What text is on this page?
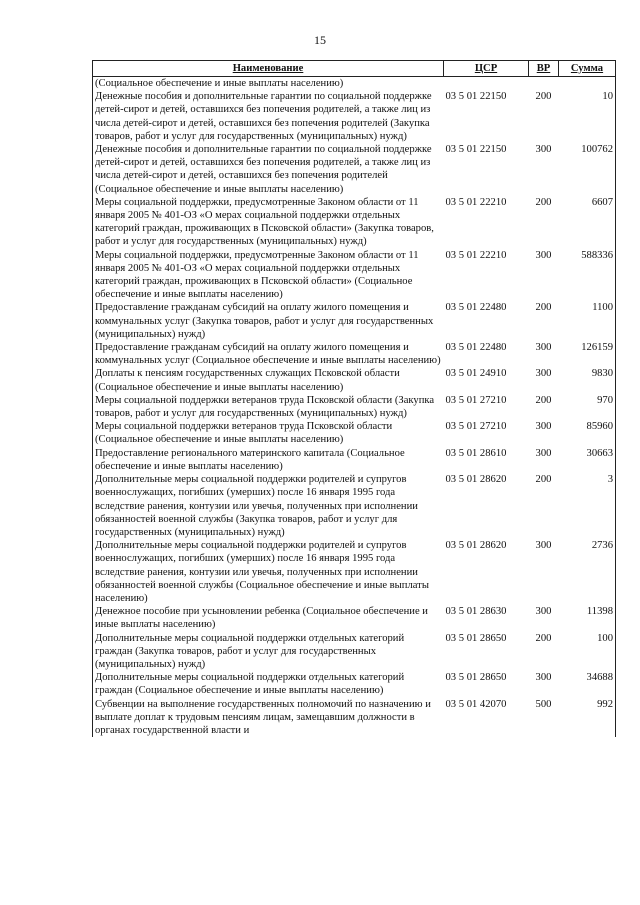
15
Наименование	ЦСР	ВР	Сумма
(Социальное обеспечение и иные выплаты населению)			
Денежные пособия и дополнительные гарантии по социальной поддержке детей-сирот и детей, оставшихся без попечения родителей, а также лиц из числа детей-сирот и детей, оставшихся без попечения родителей (Закупка товаров, работ и услуг для государственных (муниципальных) нужд)	03 5 01 22150	200	10
Денежные пособия и дополнительные гарантии по социальной поддержке детей-сирот и детей, оставшихся без попечения родителей, а также лиц из числа детей-сирот и детей, оставшихся без попечения родителей (Социальное обеспечение и иные выплаты населению)	03 5 01 22150	300	100762
Меры социальной поддержки, предусмотренные Законом области от 11 января 2005 № 401-ОЗ «О мерах социальной поддержки отдельных категорий граждан, проживающих в Псковской области» (Закупка товаров, работ и услуг для государственных (муниципальных) нужд)	03 5 01 22210	200	6607
Меры социальной поддержки, предусмотренные Законом области от 11 января 2005 № 401-ОЗ «О мерах социальной поддержки отдельных категорий граждан, проживающих в Псковской области» (Социальное обеспечение и иные выплаты населению)	03 5 01 22210	300	588336
Предоставление гражданам субсидий на оплату жилого помещения и коммунальных услуг (Закупка товаров, работ и услуг для государственных (муниципальных) нужд)	03 5 01 22480	200	1100
Предоставление гражданам субсидий на оплату жилого помещения и коммунальных услуг (Социальное обеспечение и иные выплаты населению)	03 5 01 22480	300	126159
Доплаты к пенсиям государственных служащих Псковской области (Социальное обеспечение и иные выплаты населению)	03 5 01 24910	300	9830
Меры социальной поддержки ветеранов труда Псковской области (Закупка товаров, работ и услуг для государственных (муниципальных) нужд)	03 5 01 27210	200	970
Меры социальной поддержки ветеранов труда Псковской области (Социальное обеспечение и иные выплаты населению)	03 5 01 27210	300	85960
Предоставление регионального материнского капитала (Социальное обеспечение и иные выплаты населению)	03 5 01 28610	300	30663
Дополнительные меры социальной поддержки родителей и супругов военнослужащих, погибших (умерших) после 16 января 1995 года вследствие ранения, контузии или увечья, полученных при исполнении обязанностей военной службы (Закупка товаров, работ и услуг для государственных (муниципальных) нужд)	03 5 01 28620	200	3
Дополнительные меры социальной поддержки родителей и супругов военнослужащих, погибших (умерших) после 16 января 1995 года вследствие ранения, контузии или увечья, полученных при исполнении обязанностей военной службы (Социальное обеспечение и иные выплаты населению)	03 5 01 28620	300	2736
Денежное пособие при усыновлении ребенка (Социальное обеспечение и иные выплаты населению)	03 5 01 28630	300	11398
Дополнительные меры социальной поддержки отдельных категорий граждан (Закупка товаров, работ и услуг для государственных (муниципальных) нужд)	03 5 01 28650	200	100
Дополнительные меры социальной поддержки отдельных категорий граждан (Социальное обеспечение и иные выплаты населению)	03 5 01 28650	300	34688
Субвенции на выполнение государственных полномочий по назначению и выплате доплат к трудовым пенсиям лицам, замещавшим должности в органах государственной власти и	03 5 01 42070	500	992
